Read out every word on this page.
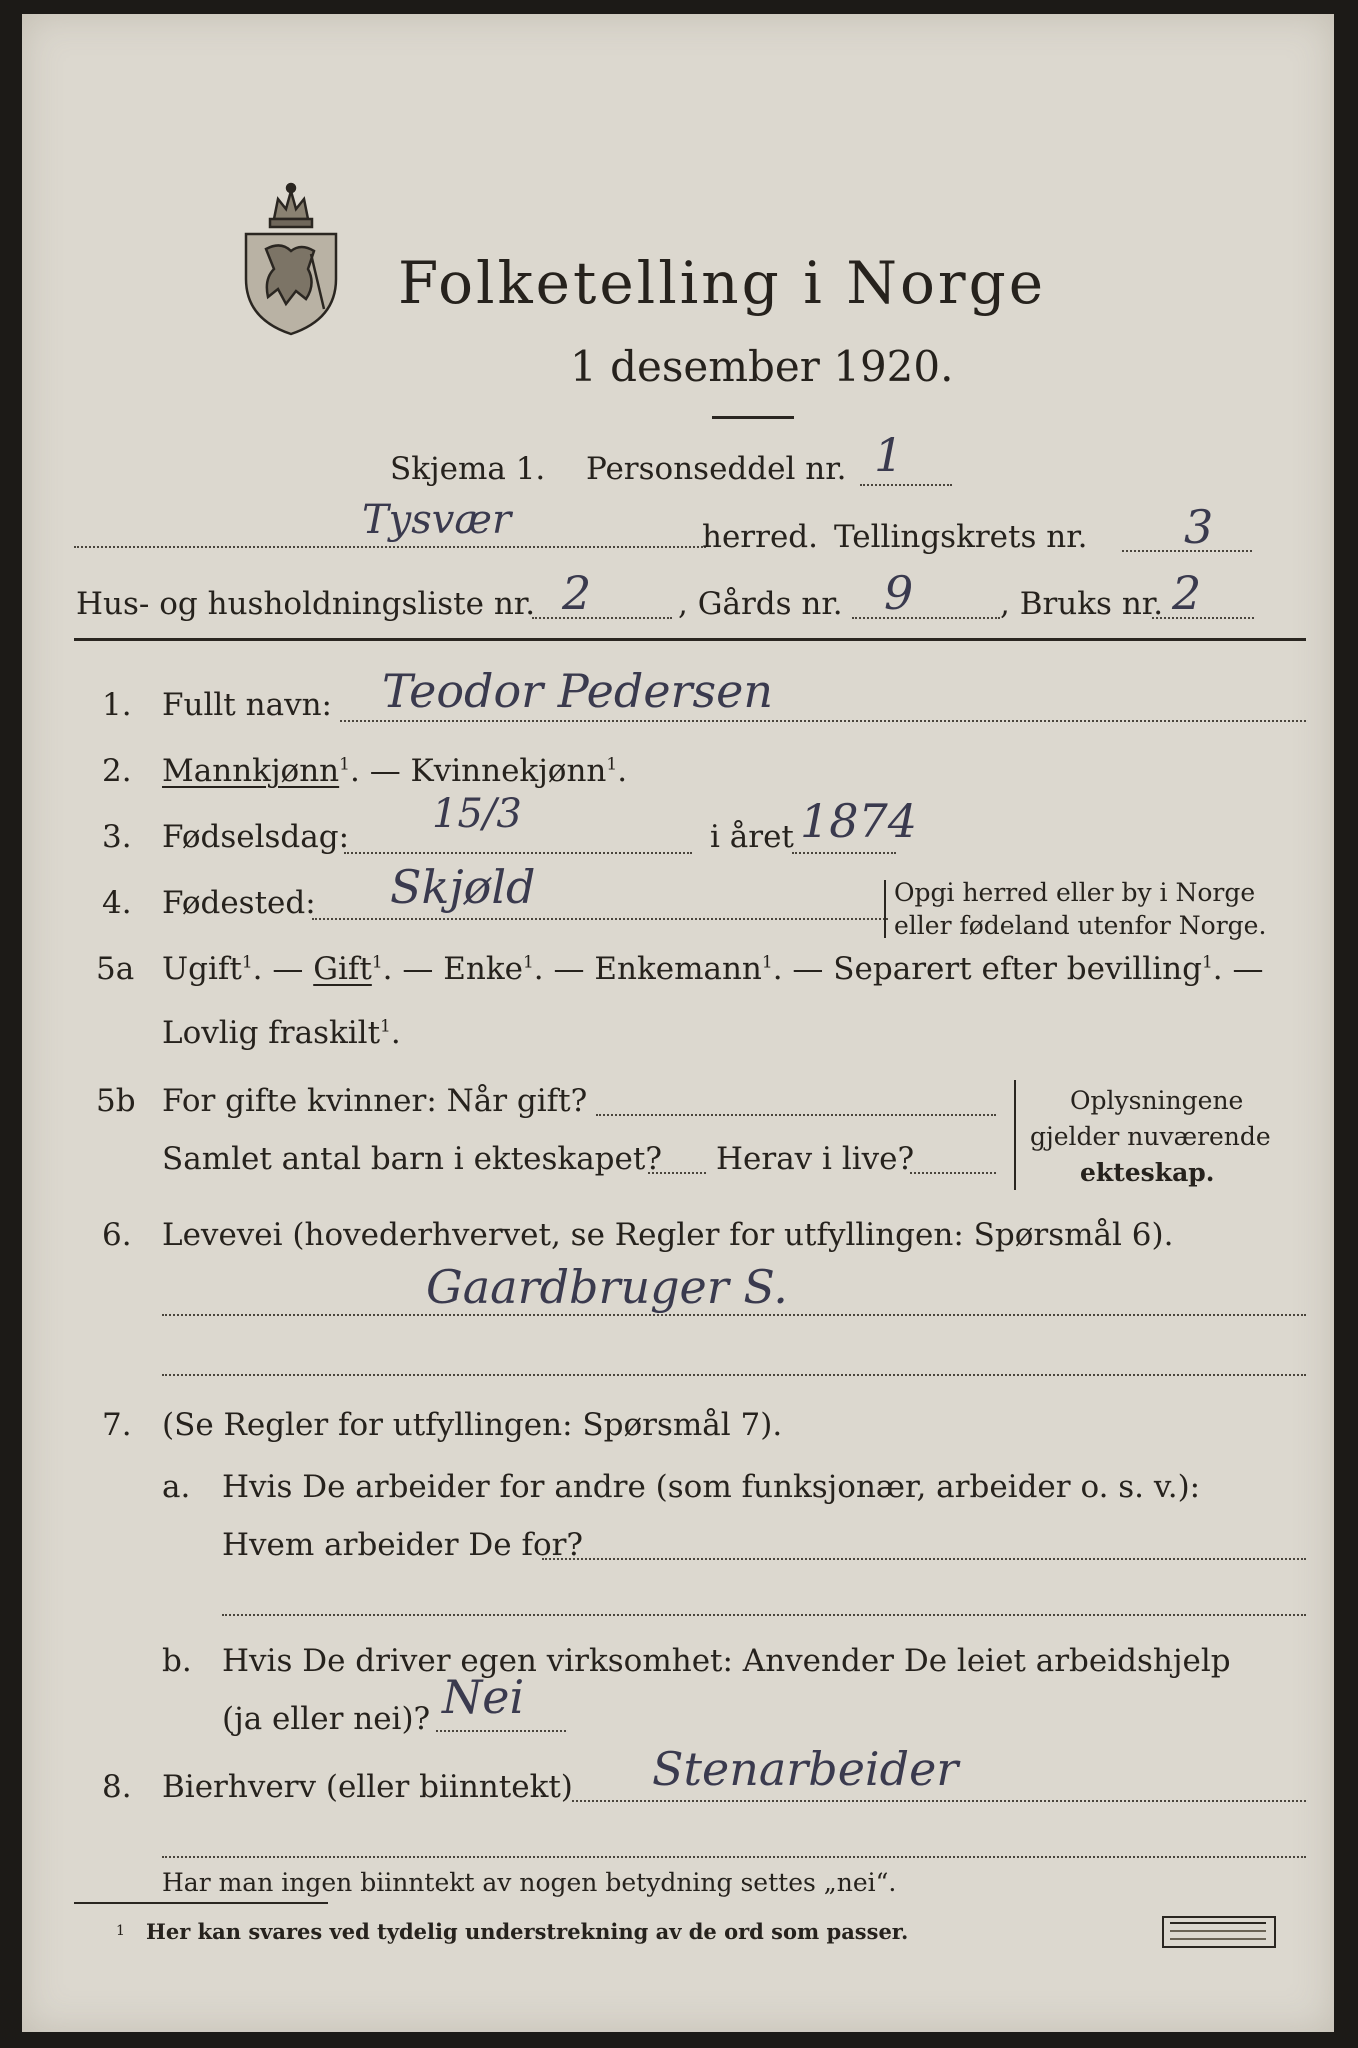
Folketelling i Norge
1 desember 1920.
Skjema 1. Personseddel nr. 1
Tysvær	herred. Tellingskrets nr. 3
Hus- og husholdningsliste nr. 2	, Gårds nr. 9	, Bruks nr. 2
1. Fullt navn: Teodor Pedersen
2. Mannkjønn$^1$. — Kvinnekjønn$^1$.
3. Fødselsdag: 15/3	i året 1874
4. Fødested: Skjøld	Opgi herred eller by i Norge
eller fødeland utenfor Norge.
5a Ugift$^1$. — Gift$^1$. — Enke$^1$. — Enkemann$^1$. — Separert efter bevilling$^1$. —
Lovlig fraskilt$^1$.
5b For gifte kvinner: Når gift?
Samlet antal barn i ekteskapet? Herav i live?
Oplysningene
gjelder nuværende
ekteskap.
6. Levevei (hovederhvervet, se Regler for utfyllingen: Spørsmål 6).
Gaardbruger S.
7. (Se Regler for utfyllingen: Spørsmål 7).
a. Hvis De arbeider for andre (som funksjonær, arbeider o. s. v.):
Hvem arbeider De for?
b. Hvis De driver egen virksomhet: Anvender De leiet arbeidshjelp
(ja eller nei)? Nei
8. Bierhverv (eller biinntekt) Stenarbeider
Har man ingen biinntekt av nogen betydning settes „nei“.
1 Her kan svares ved tydelig understrekning av de ord som passer.
